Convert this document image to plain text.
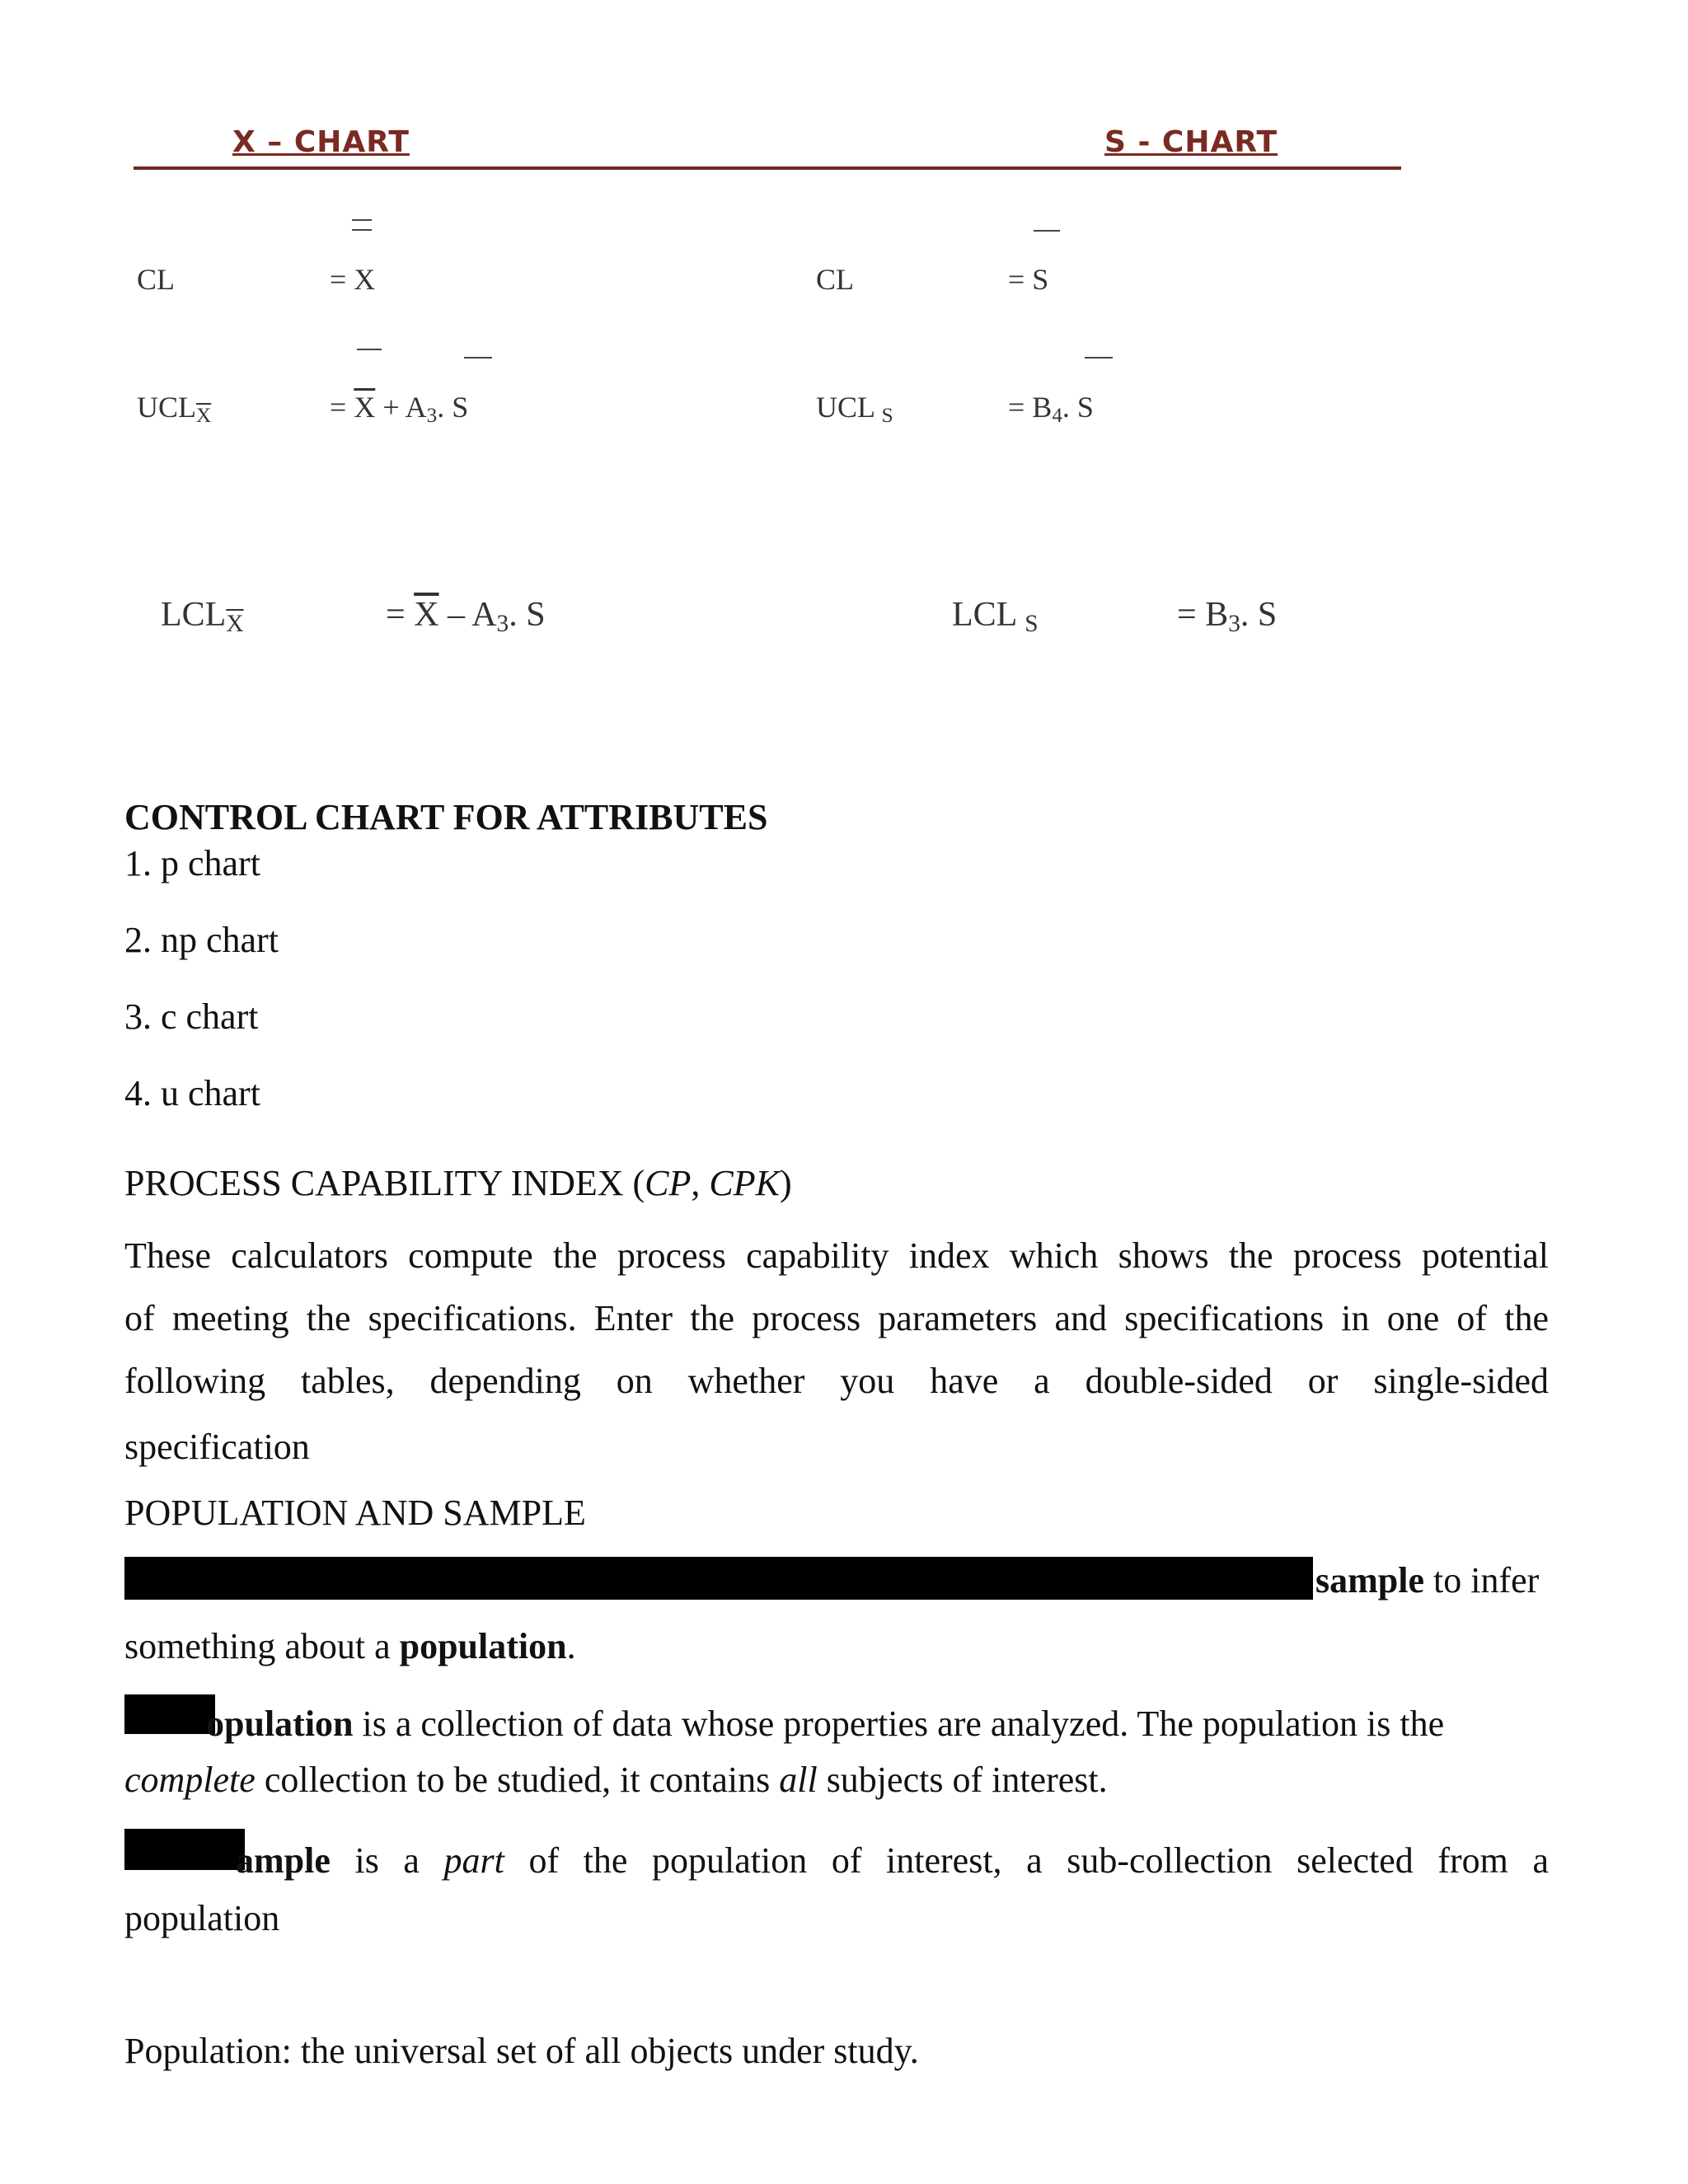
X – CHART	S - CHART
CL	= X	CL	= S
$UCL\overline{X}$	= $\overline{X} + A3$. S	UCL S	= B4. S
$LCL\overline{X}$	= $\overline{X} - A3$. S	LCL S	= B3. S
CONTROL CHART FOR ATTRIBUTES
1. p chart
2. np chart
3. c chart
4. u chart
PROCESS CAPABILITY INDEX (CP, CPK)
These calculators compute the process capability index which shows the process potential
of meeting the specifications. Enter the process parameters and specifications in one of the
following tables, depending on whether you have a double-sided or single-sided
specification
POPULATION AND SAMPLE
sample to infer
something about a population.
opulation is a collection of data whose properties are analyzed. The population is the
complete collection to be studied, it contains all subjects of interest.
ample is a part of the population of interest, a sub-collection selected from a
population
Population: the universal set of all objects under study.
